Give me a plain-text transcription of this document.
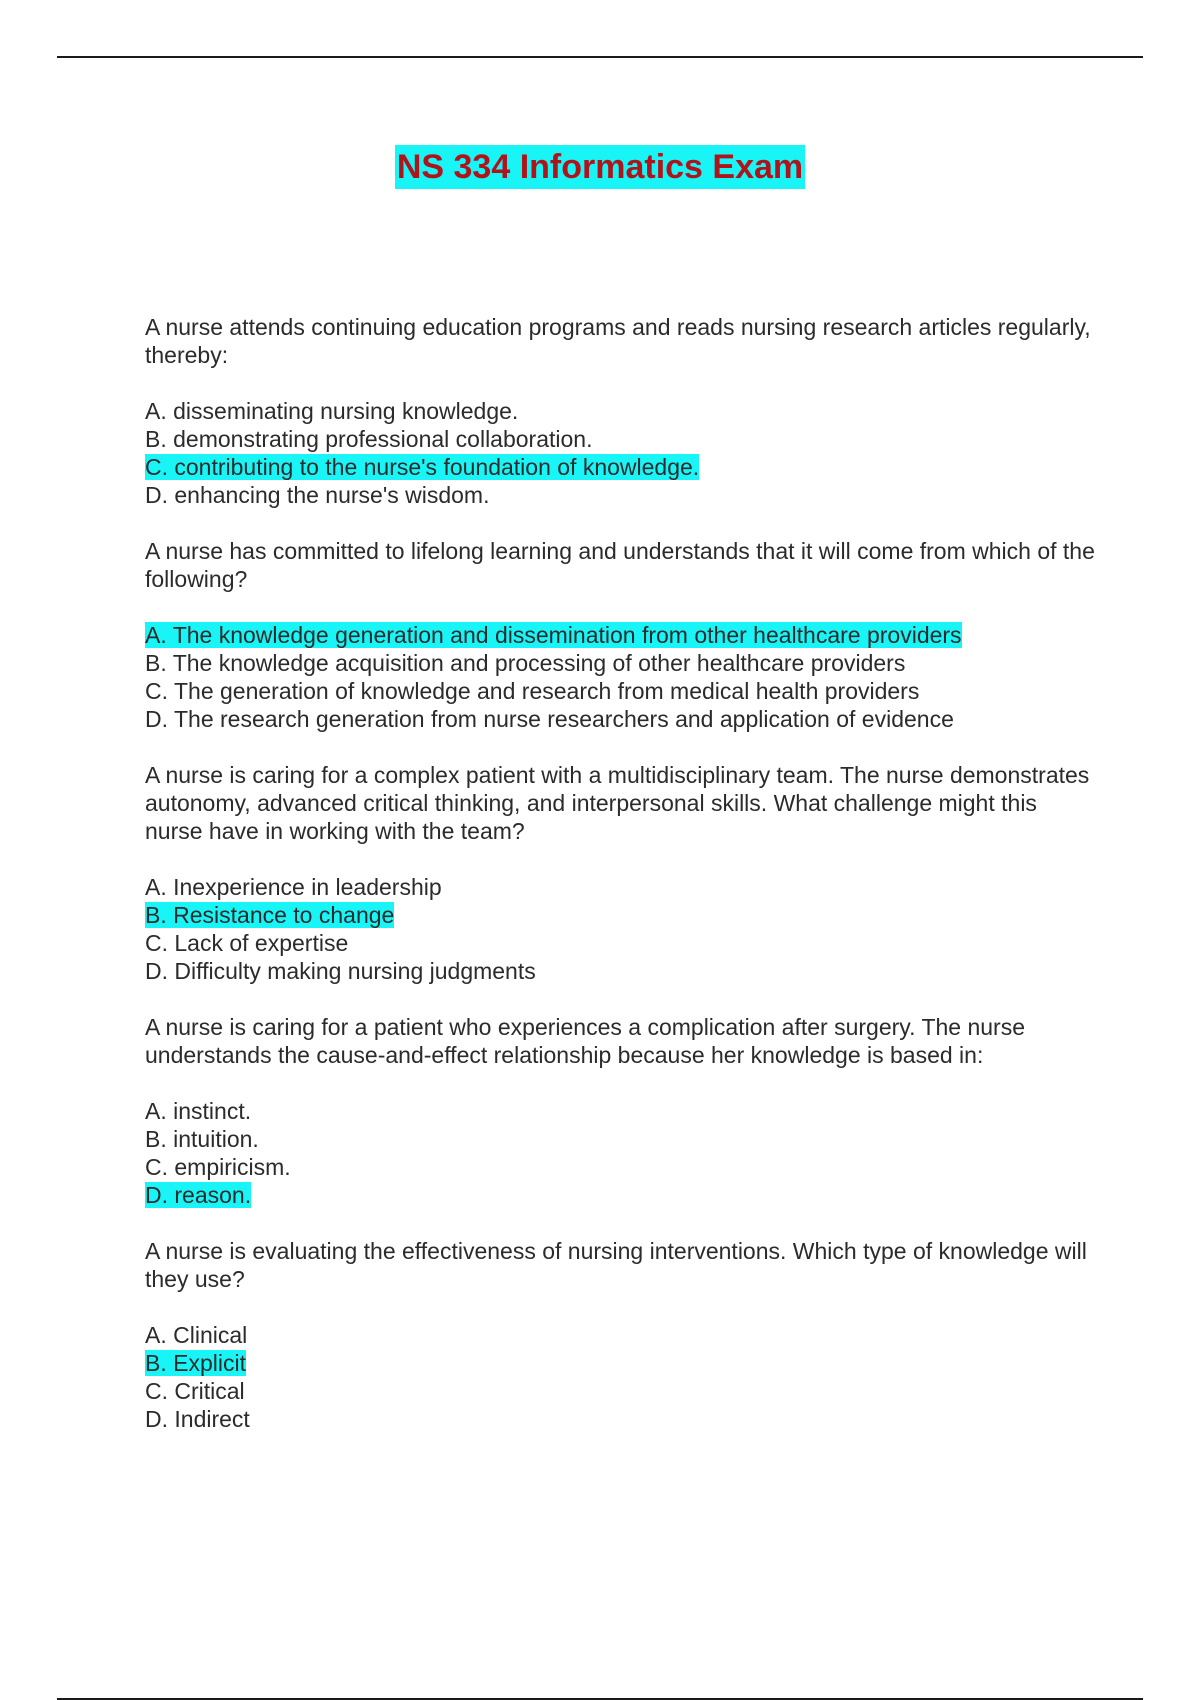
NS 334 Informatics Exam

A nurse attends continuing education programs and reads nursing research articles regularly, thereby:

A. disseminating nursing knowledge.
B. demonstrating professional collaboration.
C. contributing to the nurse's foundation of knowledge.
D. enhancing the nurse's wisdom.

A nurse has committed to lifelong learning and understands that it will come from which of the following?

A. The knowledge generation and dissemination from other healthcare providers
B. The knowledge acquisition and processing of other healthcare providers
C. The generation of knowledge and research from medical health providers
D. The research generation from nurse researchers and application of evidence

A nurse is caring for a complex patient with a multidisciplinary team. The nurse demonstrates autonomy, advanced critical thinking, and interpersonal skills. What challenge might this nurse have in working with the team?

A. Inexperience in leadership
B. Resistance to change
C. Lack of expertise
D. Difficulty making nursing judgments

A nurse is caring for a patient who experiences a complication after surgery. The nurse understands the cause-and-effect relationship because her knowledge is based in:

A. instinct.
B. intuition.
C. empiricism.
D. reason.

A nurse is evaluating the effectiveness of nursing interventions. Which type of knowledge will they use?

A. Clinical
B. Explicit
C. Critical
D. Indirect
